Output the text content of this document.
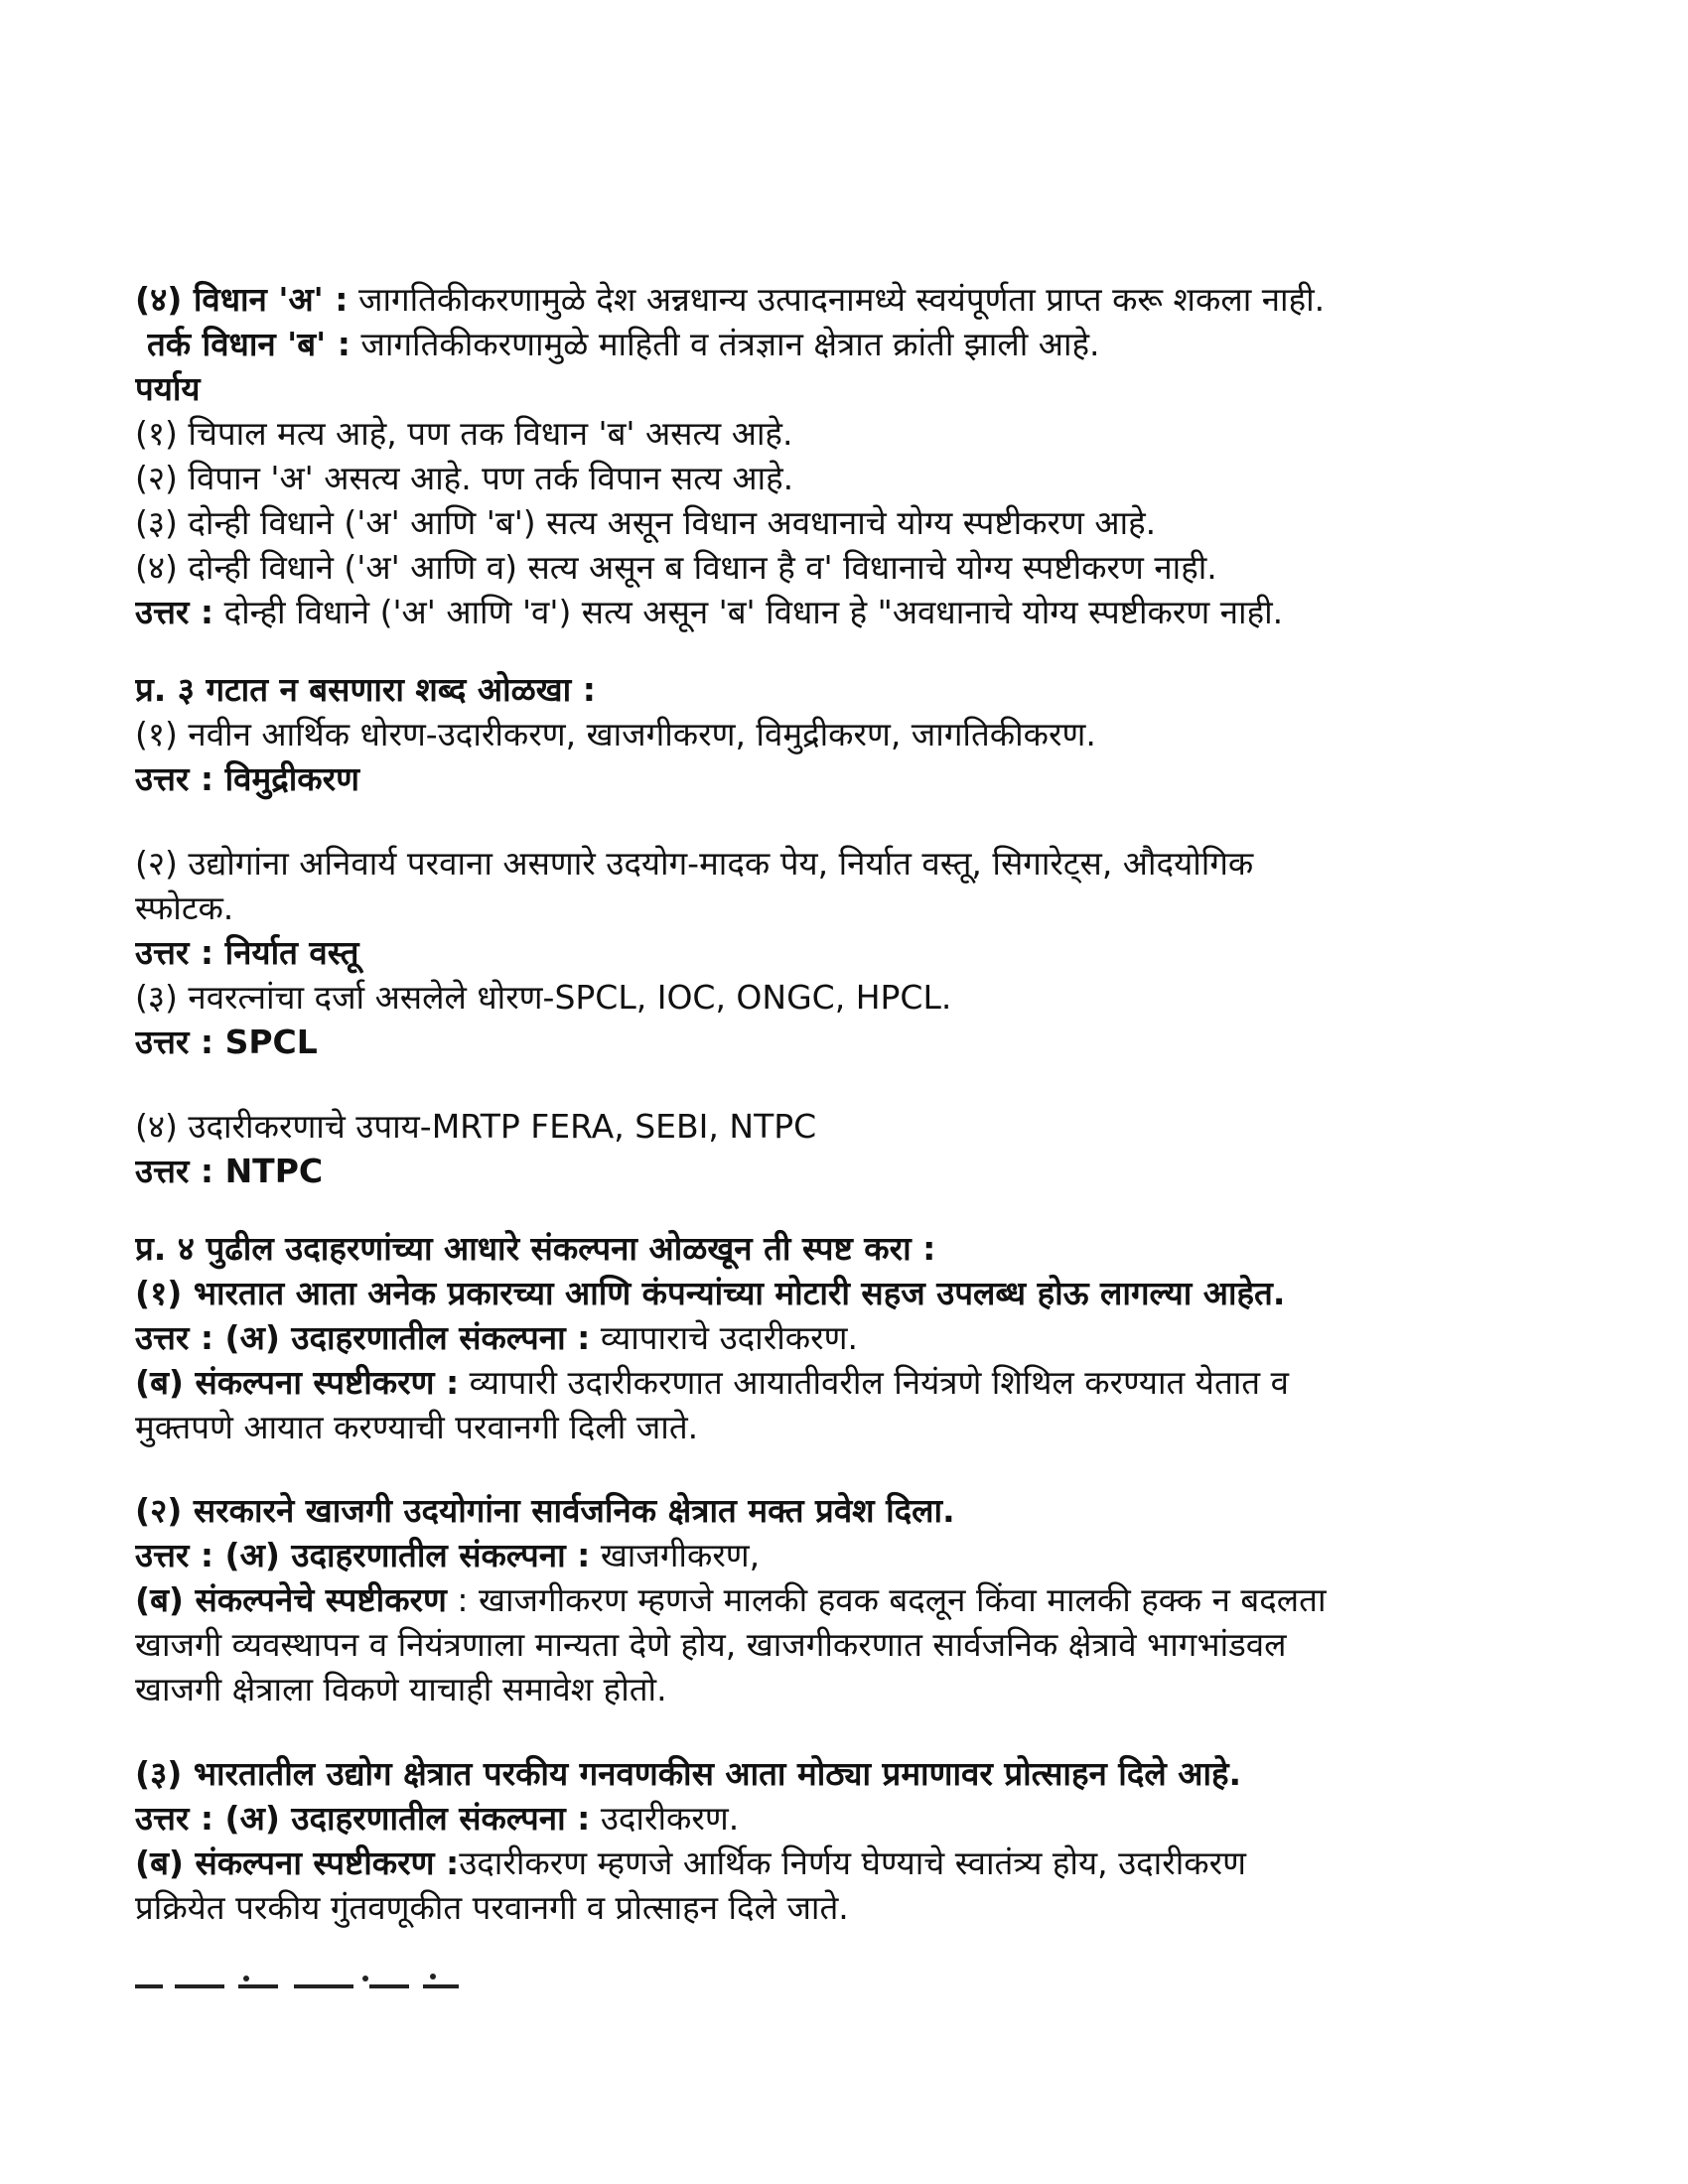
(४) विधान 'अ' : जागतिकीकरणामुळे देश अन्नधान्य उत्पादनामध्ये स्वयंपूर्णता प्राप्त करू शकला नाही.
तर्क विधान 'ब' : जागतिकीकरणामुळे माहिती व तंत्रज्ञान क्षेत्रात क्रांती झाली आहे.
पर्याय
(१) चिपाल मत्य आहे, पण तक विधान 'ब' असत्य आहे.
(२) विपान 'अ' असत्य आहे. पण तर्क विपान सत्य आहे.
(३) दोन्ही विधाने ('अ' आणि 'ब') सत्य असून विधान अवधानाचे योग्य स्पष्टीकरण आहे.
(४) दोन्ही विधाने ('अ' आणि व) सत्य असून ब विधान है व' विधानाचे योग्य स्पष्टीकरण नाही.
उत्तर : दोन्ही विधाने ('अ' आणि 'व') सत्य असून 'ब' विधान हे "अवधानाचे योग्य स्पष्टीकरण नाही.
प्र. ३ गटात न बसणारा शब्द ओळखा :
(१) नवीन आर्थिक धोरण-उदारीकरण, खाजगीकरण, विमुद्रीकरण, जागतिकीकरण.
उत्तर : विमुद्रीकरण
(२) उद्योगांना अनिवार्य परवाना असणारे उदयोग-मादक पेय, निर्यात वस्तू, सिगारेट्स, औदयोगिक
स्फोटक.
उत्तर : निर्यात वस्तू
(३) नवरत्नांचा दर्जा असलेले धोरण-SPCL, IOC, ONGC, HPCL.
उत्तर : SPCL
(४) उदारीकरणाचे उपाय-MRTP FERA, SEBI, NTPC
उत्तर : NTPC
प्र. ४ पुढील उदाहरणांच्या आधारे संकल्पना ओळखून ती स्पष्ट करा :
(१) भारतात आता अनेक प्रकारच्या आणि कंपन्यांच्या मोटारी सहज उपलब्ध होऊ लागल्या आहेत.
उत्तर : (अ) उदाहरणातील संकल्पना : व्यापाराचे उदारीकरण.
(ब) संकल्पना स्पष्टीकरण : व्यापारी उदारीकरणात आयातीवरील नियंत्रणे शिथिल करण्यात येतात व
मुक्तपणे आयात करण्याची परवानगी दिली जाते.
(२) सरकारने खाजगी उदयोगांना सार्वजनिक क्षेत्रात मक्त प्रवेश दिला.
उत्तर : (अ) उदाहरणातील संकल्पना : खाजगीकरण,
(ब) संकल्पनेचे स्पष्टीकरण : खाजगीकरण म्हणजे मालकी हवक बदलून किंवा मालकी हक्क न बदलता
खाजगी व्यवस्थापन व नियंत्रणाला मान्यता देणे होय, खाजगीकरणात सार्वजनिक क्षेत्रावे भागभांडवल
खाजगी क्षेत्राला विकणे याचाही समावेश होतो.
(३) भारतातील उद्योग क्षेत्रात परकीय गनवणकीस आता मोठ्या प्रमाणावर प्रोत्साहन दिले आहे.
उत्तर : (अ) उदाहरणातील संकल्पना : उदारीकरण.
(ब) संकल्पना स्पष्टीकरण :उदारीकरण म्हणजे आर्थिक निर्णय घेण्याचे स्वातंत्र्य होय, उदारीकरण
प्रक्रियेत परकीय गुंतवणूकीत परवानगी व प्रोत्साहन दिले जाते.
